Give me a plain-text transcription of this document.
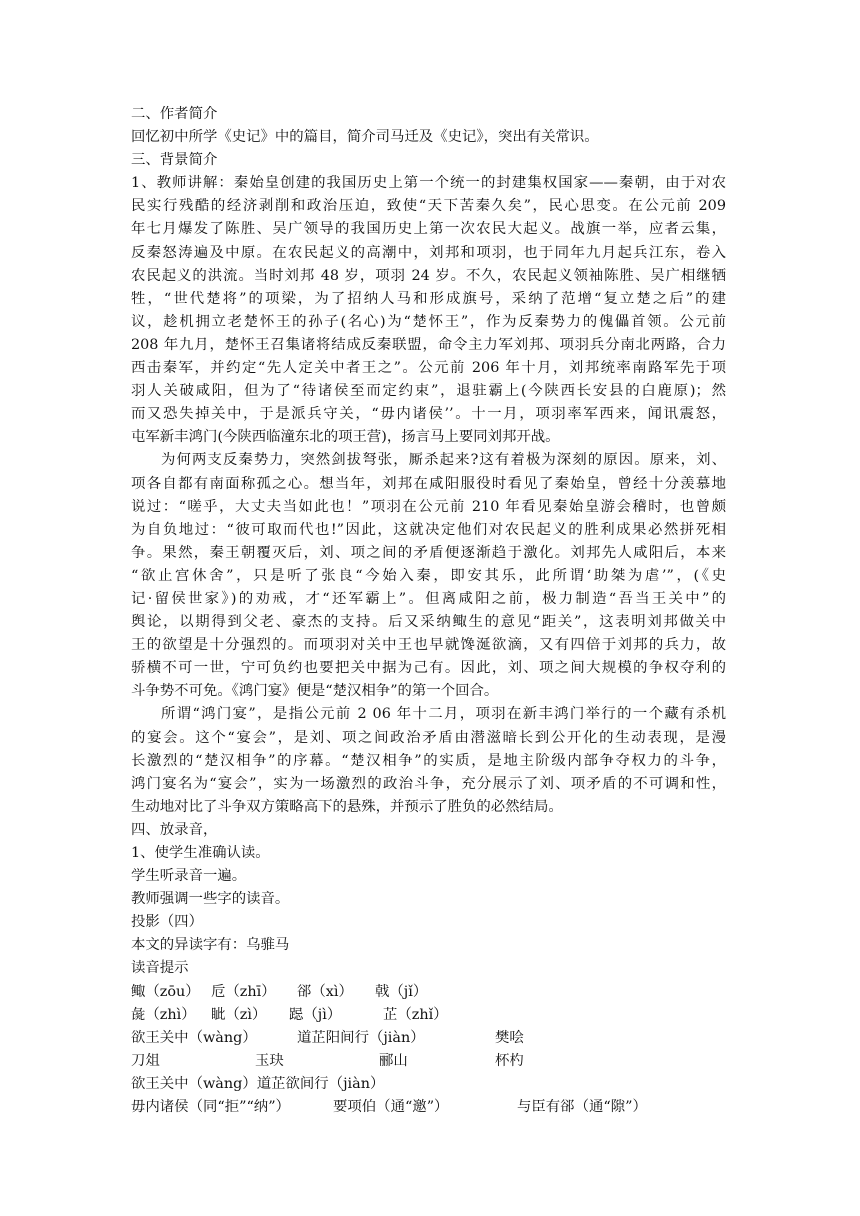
二、作者简介
回忆初中所学《史记》中的篇目，简介司马迁及《史记》，突出有关常识。
三、背景简介
1、教师讲解：秦始皇创建的我国历史上第一个统一的封建集权国家——秦朝，由于对农
民实行残酷的经济剥削和政治压迫，致使“天下苦秦久矣”，民心思变。在公元前 209
年七月爆发了陈胜、吴广领导的我国历史上第一次农民大起义。战旗一举，应者云集，
反秦怒涛遍及中原。在农民起义的高潮中，刘邦和项羽，也于同年九月起兵江东，卷入
农民起义的洪流。当时刘邦 48 岁，项羽 24 岁。不久，农民起义领袖陈胜、吴广相继牺
牲，“世代楚将”的项梁，为了招纳人马和形成旗号，采纳了范增“复立楚之后”的建
议，趁机拥立老楚怀王的孙子(名心)为“楚怀王”，作为反秦势力的傀儡首领。公元前
208 年九月，楚怀王召集诸将结成反秦联盟，命令主力军刘邦、项羽兵分南北两路，合力
西击秦军，并约定“先人定关中者王之”。公元前 206 年十月，刘邦统率南路军先于项
羽人关破咸阳，但为了“待诸侯至而定约束”，退驻霸上(今陕西长安县的白鹿原)；然
而又恐失掉关中，于是派兵守关，“毋内诸侯’’。十一月，项羽率军西来，闻讯震怒，
屯军新丰鸿门(今陕西临潼东北的项王营)，扬言马上要同刘邦开战。
为何两支反秦势力，突然剑拔弩张，厮杀起来?这有着极为深刻的原因。原来，刘、
项各自都有南面称孤之心。想当年，刘邦在咸阳服役时看见了秦始皇，曾经十分羡慕地
说过：“嗟乎，大丈夫当如此也！”项羽在公元前 210 年看见秦始皇游会稽时，也曾颇
为自负地过：“彼可取而代也!”因此，这就决定他们对农民起义的胜利成果必然拼死相
争。果然，秦王朝覆灭后，刘、项之间的矛盾便逐渐趋于激化。刘邦先人咸阳后，本来
“欲止宫休舍”，只是听了张良“今始入秦，即安其乐，此所谓‘助桀为虐’”，(《史
记·留侯世家》)的劝戒，才“还军霸上”。但离咸阳之前，极力制造“吾当王关中”的
舆论，以期得到父老、豪杰的支持。后又采纳鲰生的意见“距关”，这表明刘邦做关中
王的欲望是十分强烈的。而项羽对关中王也早就馋涎欲滴，又有四倍于刘邦的兵力，故
骄横不可一世，宁可负约也要把关中据为己有。因此，刘、项之间大规模的争权夺利的
斗争势不可免。《鸿门宴》便是“楚汉相争”的第一个回合。
所谓“鸿门宴”，是指公元前 2 06 年十二月，项羽在新丰鸿门举行的一个藏有杀机
的宴会。这个“宴会”，是刘、项之间政治矛盾由潜滋暗长到公开化的生动表现，是漫
长激烈的“楚汉相争”的序幕。“楚汉相争”的实质，是地主阶级内部争夺权力的斗争，
鸿门宴名为“宴会”，实为一场激烈的政治斗争，充分展示了刘、项矛盾的不可调和性，
生动地对比了斗争双方策略高下的悬殊，并预示了胜负的必然结局。
四、放录音，
1、使学生准确认读。
学生听录音一遍。
教师强调一些字的读音。
投影（四）
本文的异读字有：乌骓马
读音提示
鲰（zōu） 卮（zhī）	郤（xì）	戟（jǐ）
彘（zhì）	眦（zì）	跽（jì）	芷（zhǐ）
欲王关中（wàng）	道芷阳间行（jiàn）	樊哙
刀俎	玉玦	郦山	杯杓
欲王关中（wàng）道芷欲间行（jiàn）
毋内诸侯（同“拒”“纳”）	要项伯（通“邀”）	与臣有郤（通“隙”）
